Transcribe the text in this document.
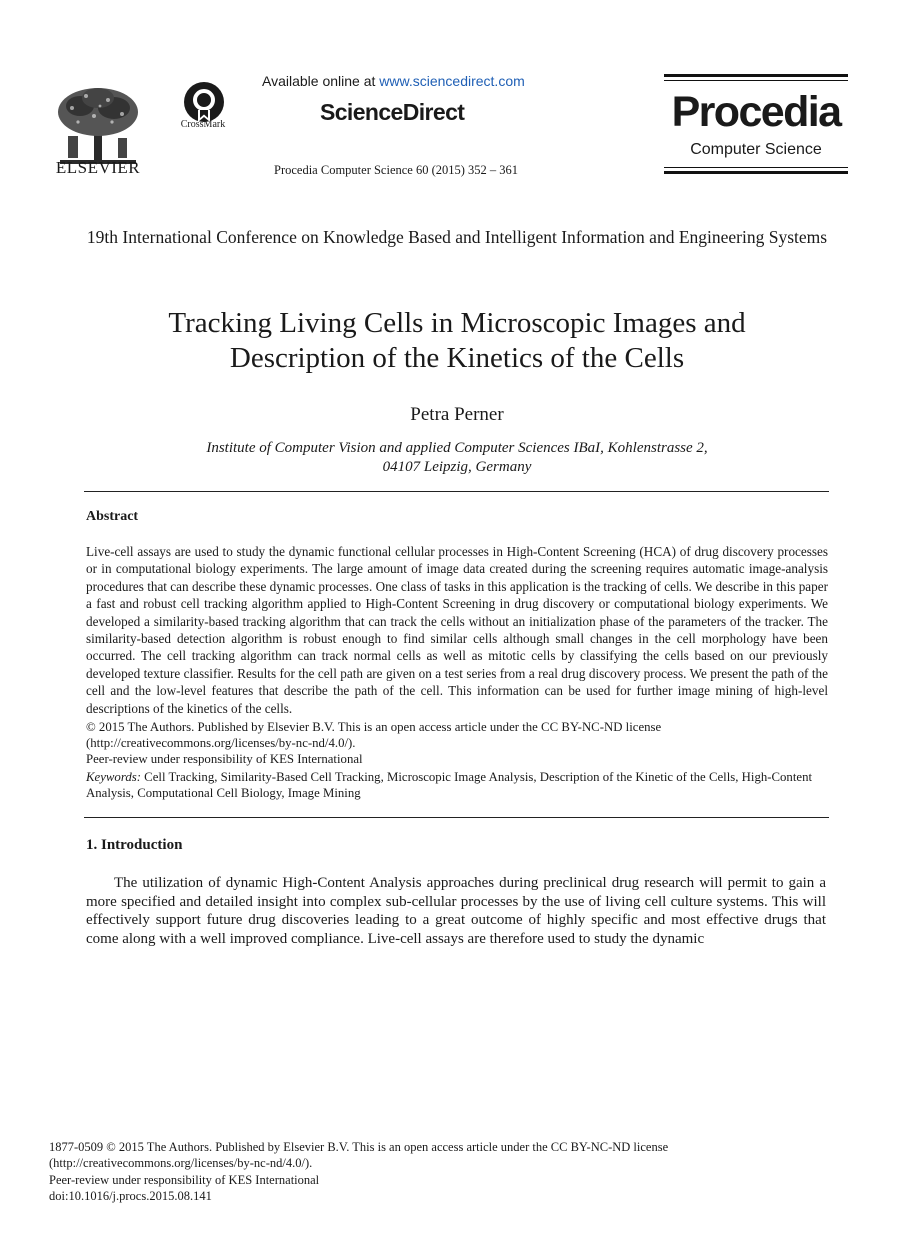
ELSEVIER
CrossMark
Available online at www.sciencedirect.com
ScienceDirect
Procedia Computer Science 60 (2015) 352 – 361
Procedia
Computer Science
19th International Conference on Knowledge Based and Intelligent Information and Engineering Systems
Tracking Living Cells in Microscopic Images and
Description of the Kinetics of the Cells
Petra Perner
Institute of Computer Vision and applied Computer Sciences IBaI, Kohlenstrasse 2,
04107 Leipzig, Germany
Abstract
Live-cell assays are used to study the dynamic functional cellular processes in High-Content Screening (HCA) of drug discovery processes or in computational biology experiments. The large amount of image data created during the screening requires automatic image-analysis procedures that can describe these dynamic processes. One class of tasks in this application is the tracking of cells. We describe in this paper a fast and robust cell tracking algorithm applied to High-Content Screening in drug discovery or computational biology experiments. We developed a similarity-based tracking algorithm that can track the cells without an initialization phase of the parameters of the tracker. The similarity-based detection algorithm is robust enough to find similar cells although small changes in the cell morphology have been occurred. The cell tracking algorithm can track normal cells as well as mitotic cells by classifying the cells based on our previously developed texture classifier. Results for the cell path are given on a test series from a real drug discovery process. We present the path of the cell and the low-level features that describe the path of the cell. This information can be used for further image mining of high-level descriptions of the kinetics of the cells.
© 2015 The Authors. Published by Elsevier B.V. This is an open access article under the CC BY-NC-ND license
(http://creativecommons.org/licenses/by-nc-nd/4.0/).
Peer-review under responsibility of KES International
Keywords: Cell Tracking, Similarity-Based Cell Tracking, Microscopic Image Analysis, Description of the Kinetic of the Cells, High-Content Analysis, Computational Cell Biology, Image Mining
1. Introduction
The utilization of dynamic High-Content Analysis approaches during preclinical drug research will permit to gain a more specified and detailed insight into complex sub-cellular processes by the use of living cell culture systems. This will effectively support future drug discoveries leading to a great outcome of highly specific and most effective drugs that come along with a well improved compliance. Live-cell assays are therefore used to study the dynamic
1877-0509 © 2015 The Authors. Published by Elsevier B.V. This is an open access article under the CC BY-NC-ND license
(http://creativecommons.org/licenses/by-nc-nd/4.0/).
Peer-review under responsibility of KES International
doi:10.1016/j.procs.2015.08.141
